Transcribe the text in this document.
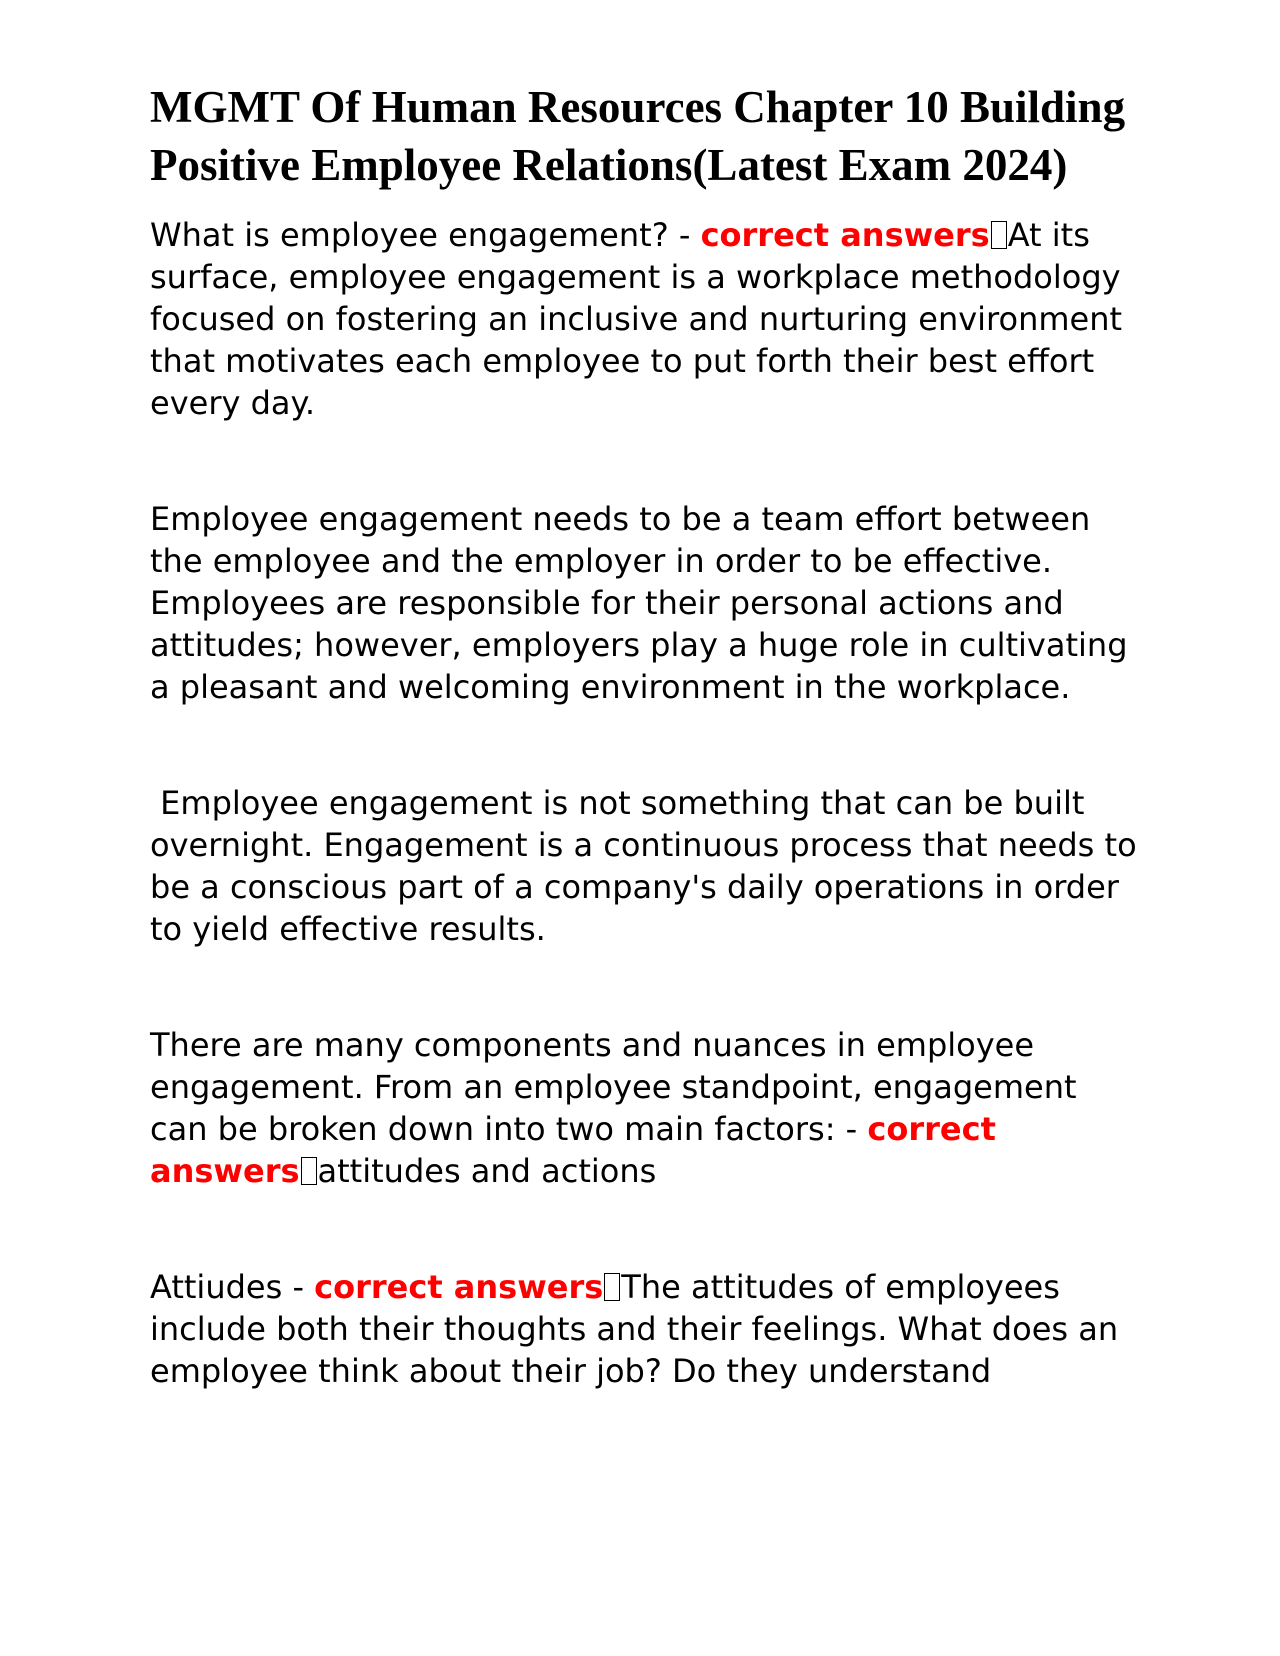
MGMT Of Human Resources Chapter 10 Building Positive Employee Relations(Latest Exam 2024)

What is employee engagement? - correct answers At its surface, employee engagement is a workplace methodology focused on fostering an inclusive and nurturing environment that motivates each employee to put forth their best effort every day.

Employee engagement needs to be a team effort between the employee and the employer in order to be effective. Employees are responsible for their personal actions and attitudes; however, employers play a huge role in cultivating a pleasant and welcoming environment in the workplace.

Employee engagement is not something that can be built overnight. Engagement is a continuous process that needs to be a conscious part of a company's daily operations in order to yield effective results.

There are many components and nuances in employee engagement. From an employee standpoint, engagement can be broken down into two main factors: - correct answers attitudes and actions

Attiudes - correct answers The attitudes of employees include both their thoughts and their feelings. What does an employee think about their job? Do they understand
